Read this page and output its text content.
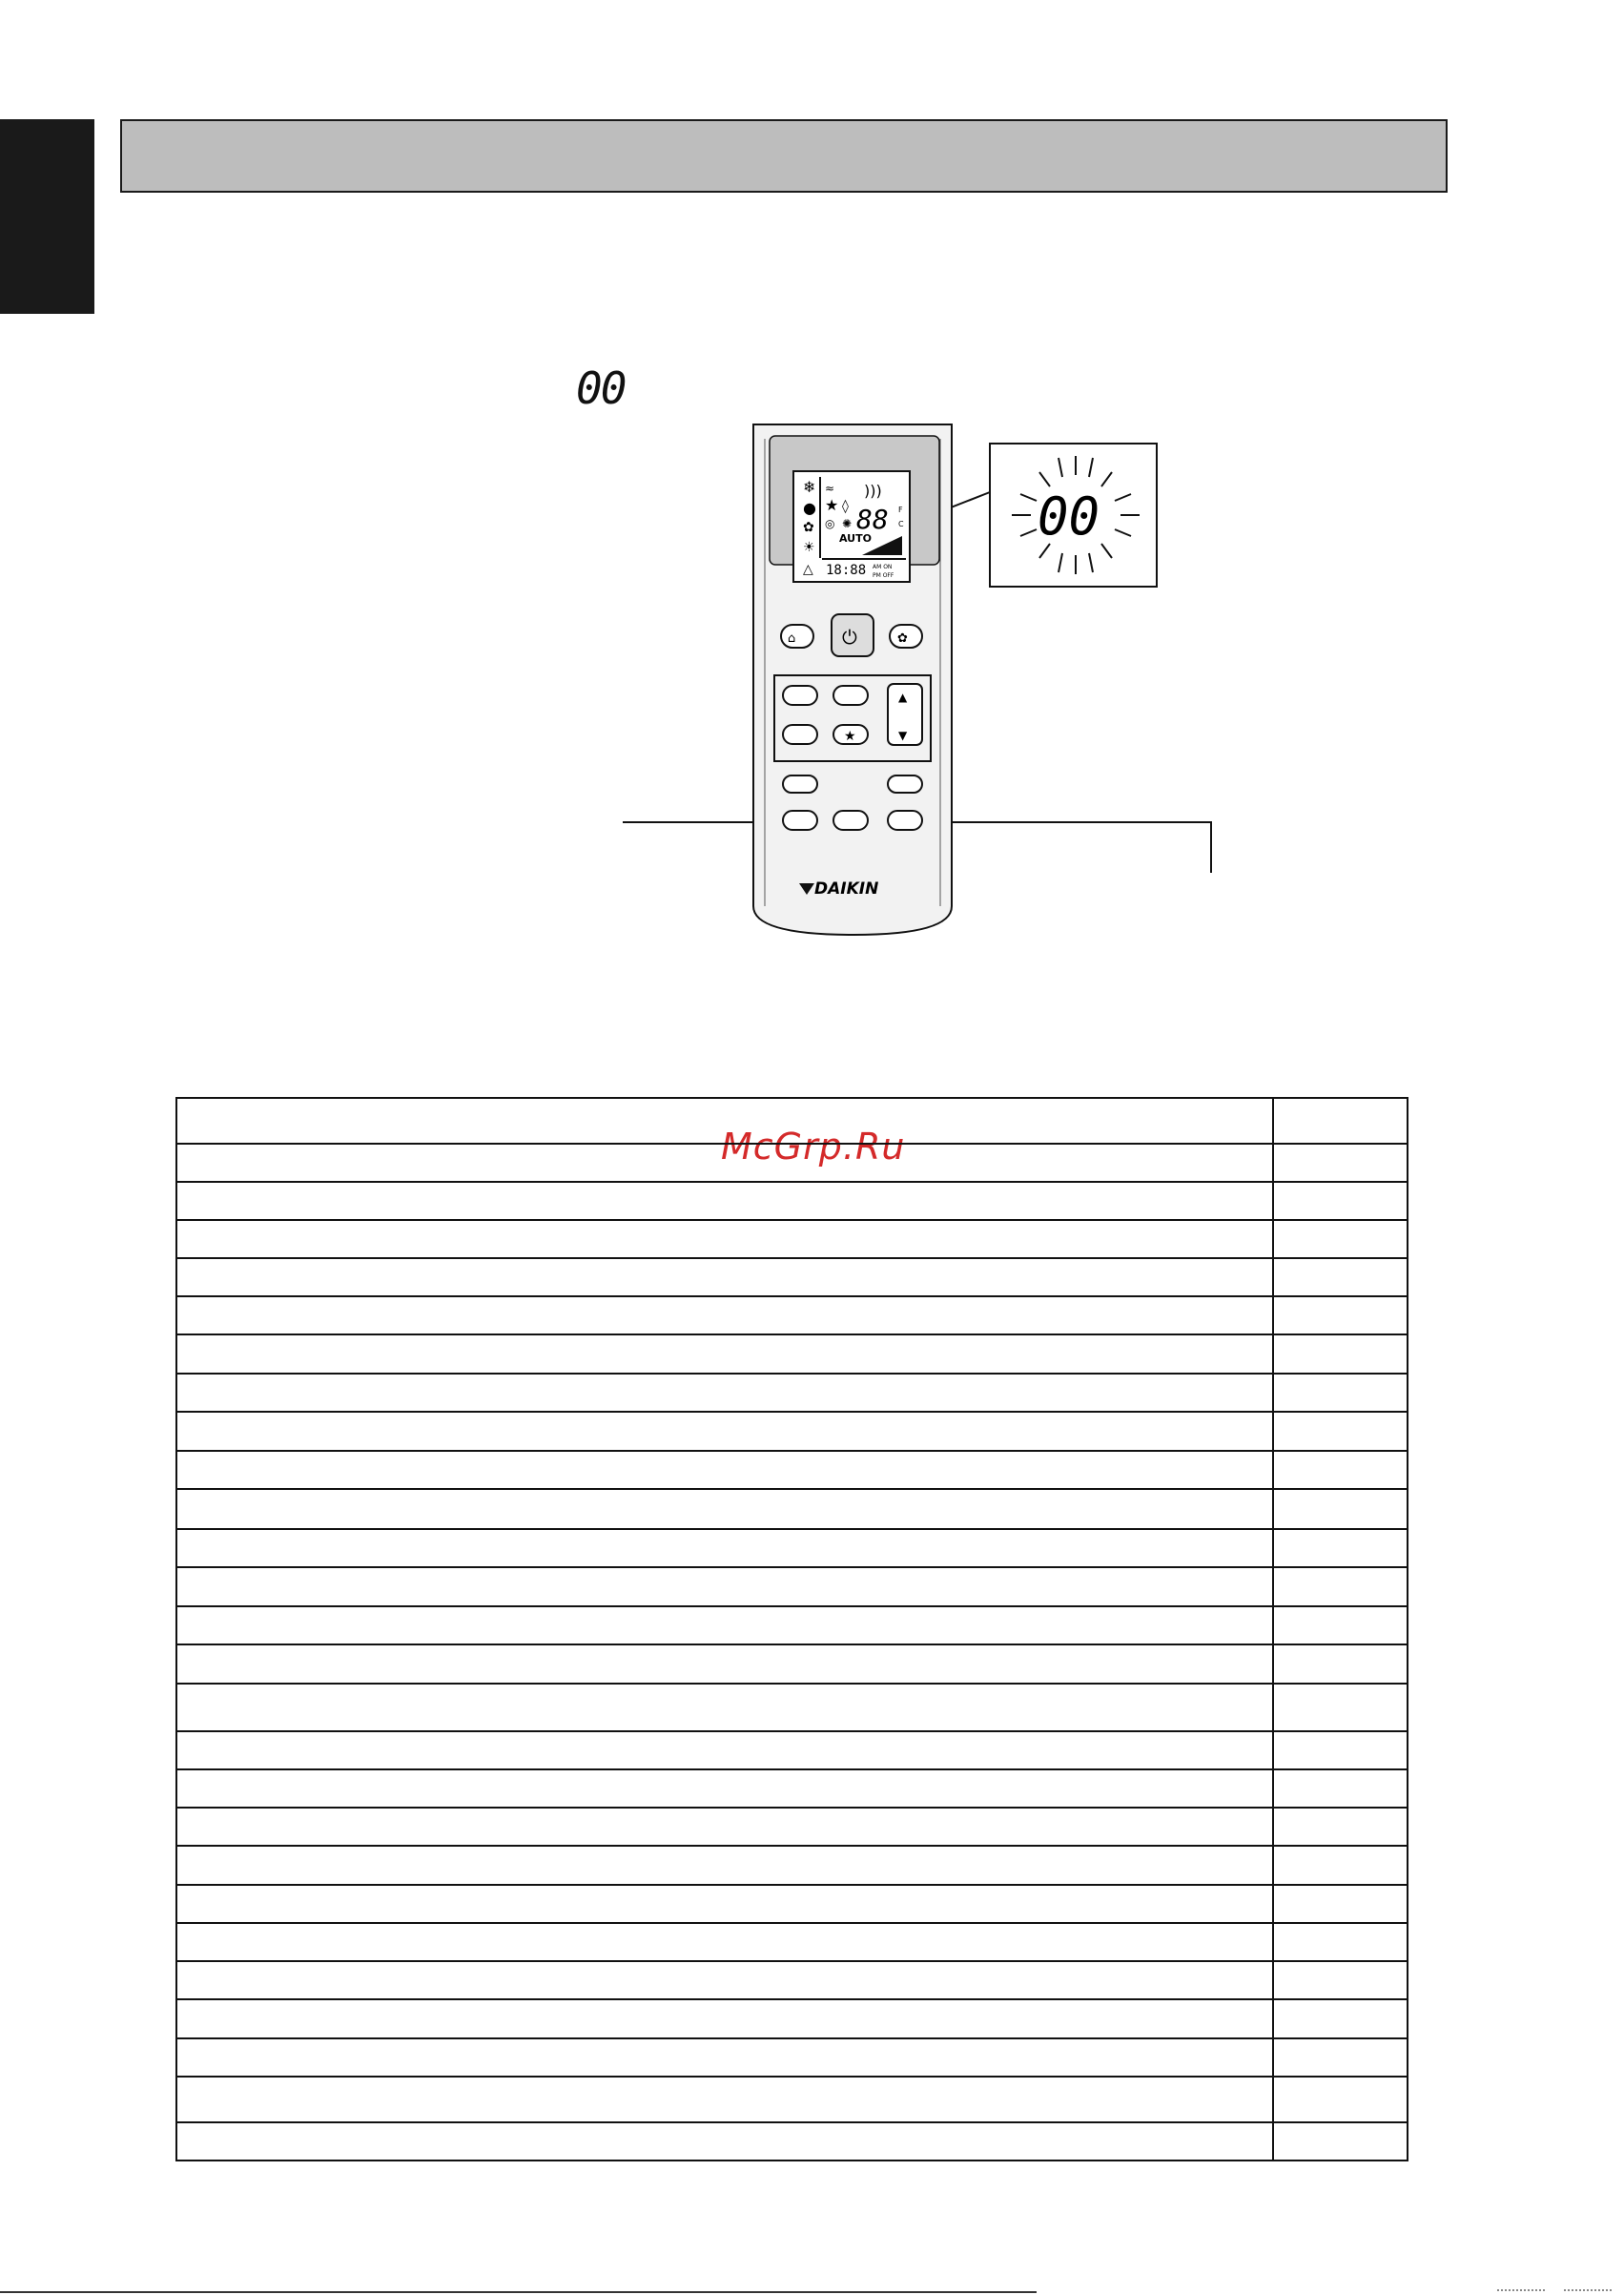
00
❄
●
✿
☀
△
≈ )))
★ ◊
◎ ✺ 88 F
C
AUTO
18:88 AM ON
PM OFF
00
⌂ ⏻	✿
★
▲
▼
DAIKIN
McGrp.Ru
